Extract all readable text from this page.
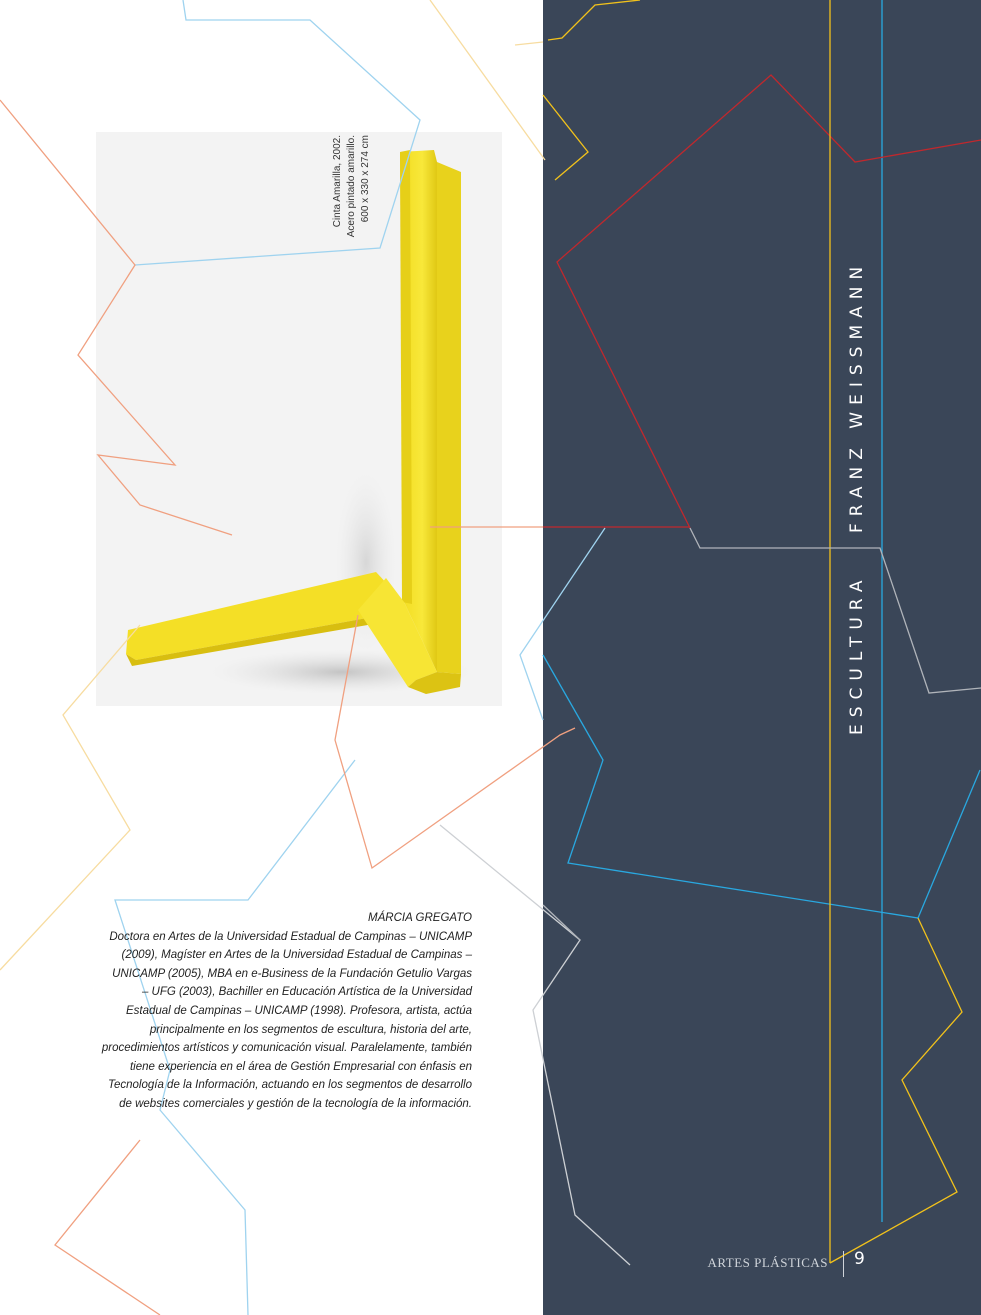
Cinta Amarilla, 2002. Acero pintado amarillo. 600 x 330 x 274 cm
ESCULTURAFRANZ WEISSMANN
MÁRCIA GREGATO
Doctora en Artes de la Universidad Estadual de Campinas – UNICAMP
(2009), Magíster en Artes de la Universidad Estadual de Campinas –
UNICAMP (2005), MBA en e-Business de la Fundación Getulio Vargas
– UFG (2003), Bachiller en Educación Artística de la Universidad
Estadual de Campinas – UNICAMP (1998). Profesora, artista, actúa
principalmente en los segmentos de escultura, historia del arte,
procedimientos artísticos y comunicación visual. Paralelamente, también
tiene experiencia en el área de Gestión Empresarial con énfasis en
Tecnología de la Información, actuando en los segmentos de desarrollo
de websites comerciales y gestión de la tecnología de la información.
ARTES PLÁSTICAS 9
